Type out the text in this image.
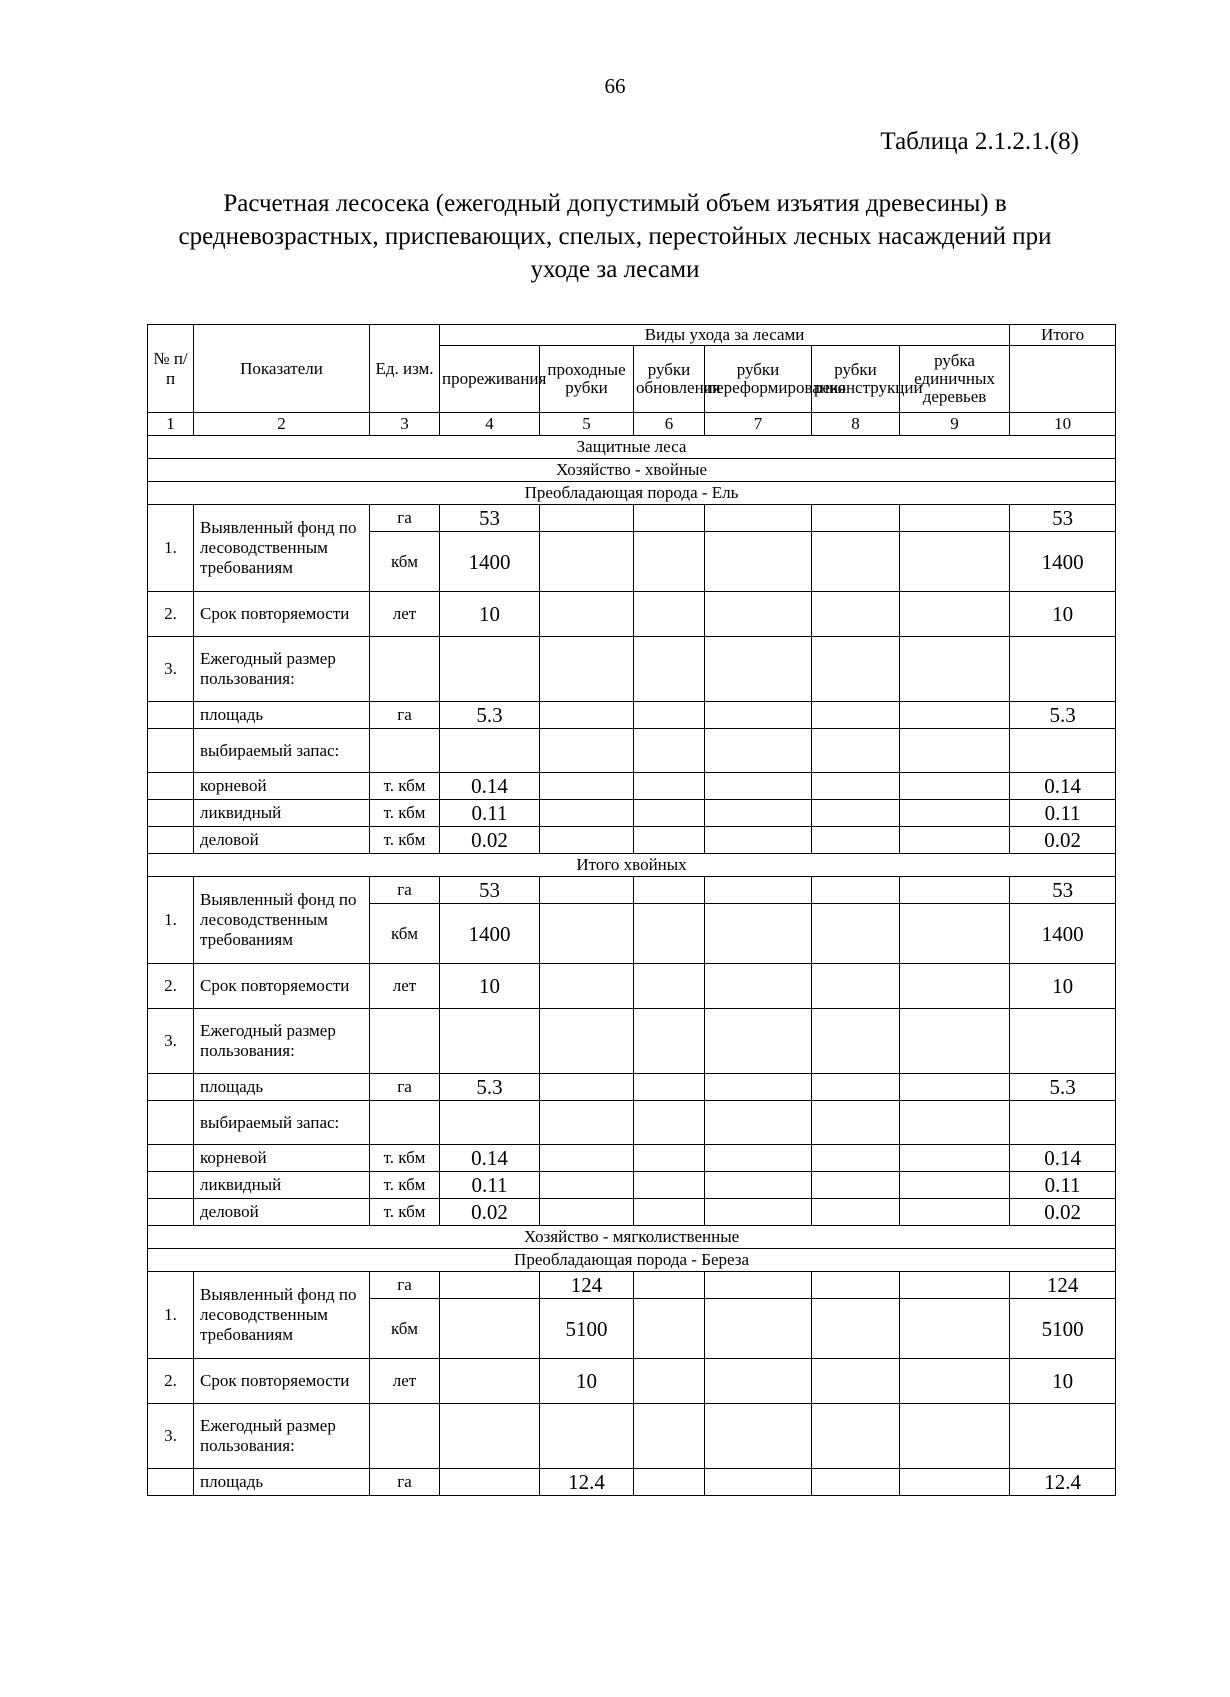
66
Таблица 2.1.2.1.(8)
Расчетная лесосека (ежегодный допустимый объем изъятия древесины) в средневозрастных, приспевающих, спелых, перестойных лесных насаждений при уходе за лесами
№ п/п	Показатели	Ед. изм.	Виды ухода за лесами						Итого
			прореживания	проходные рубки	рубки обновления	рубки переформирования	рубки реконструкции	рубка единичных деревьев	
1	2	3	4	5	6	7	8	9	10
Защитные леса									
Хозяйство - хвойные									
Преобладающая порода - Ель									
1.	Выявленный фонд по лесоводственным требованиям	га	53						53
		кбм	1400						1400
2.	Срок повторяемости	лет	10						10
3.	Ежегодный размер пользования:								
	площадь	га	5.3						5.3
	выбираемый запас:								
	корневой	т. кбм	0.14						0.14
	ликвидный	т. кбм	0.11						0.11
	деловой	т. кбм	0.02						0.02
Итого хвойных									
1.	Выявленный фонд по лесоводственным требованиям	га	53						53
		кбм	1400						1400
2.	Срок повторяемости	лет	10						10
3.	Ежегодный размер пользования:								
	площадь	га	5.3						5.3
	выбираемый запас:								
	корневой	т. кбм	0.14						0.14
	ликвидный	т. кбм	0.11						0.11
	деловой	т. кбм	0.02						0.02
Хозяйство - мягколиственные									
Преобладающая порода - Береза									
1.	Выявленный фонд по лесоводственным требованиям	га		124					124
		кбм		5100					5100
2.	Срок повторяемости	лет		10					10
3.	Ежегодный размер пользования:								
	площадь	га		12.4					12.4
